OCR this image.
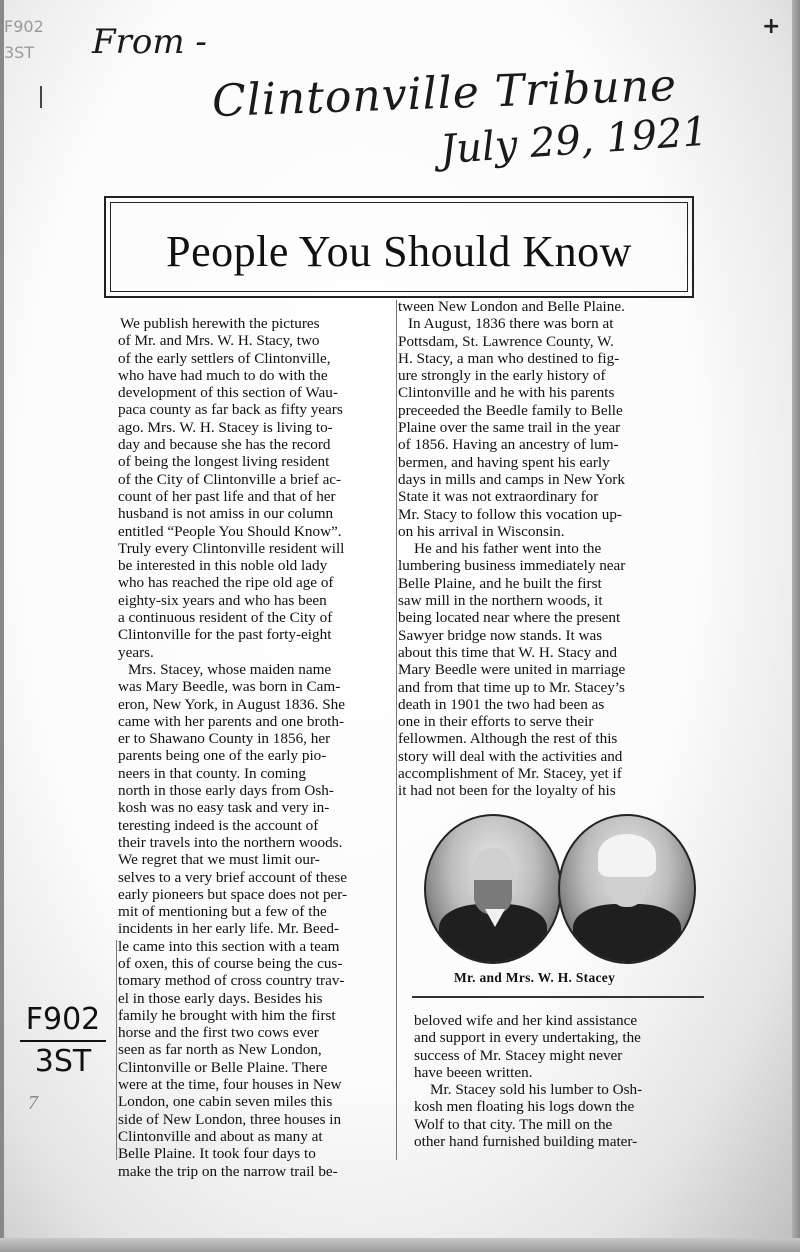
F902
3ST
+
From -
Clintonville Tribune
July 29, 1921
People You Should Know
We publish herewith the pictures
of Mr. and Mrs. W. H. Stacy, two
of the early settlers of Clintonville,
who have had much to do with the
development of this section of Wau-
paca county as far back as fifty years
ago. Mrs. W. H. Stacey is living to-
day and because she has the record
of being the longest living resident
of the City of Clintonville a brief ac-
count of her past life and that of her
husband is not amiss in our column
entitled “People You Should Know”.
Truly every Clintonville resident will
be interested in this noble old lady
who has reached the ripe old age of
eighty-six years and who has been
a continuous resident of the City of
Clintonville for the past forty-eight
years.
Mrs. Stacey, whose maiden name
was Mary Beedle, was born in Cam-
eron, New York, in August 1836. She
came with her parents and one broth-
er to Shawano County in 1856, her
parents being one of the early pio-
neers in that county. In coming
north in those early days from Osh-
kosh was no easy task and very in-
teresting indeed is the account of
their travels into the northern woods.
We regret that we must limit our-
selves to a very brief account of these
early pioneers but space does not per-
mit of mentioning but a few of the
incidents in her early life. Mr. Beed-
le came into this section with a team
of oxen, this of course being the cus-
tomary method of cross country trav-
el in those early days. Besides his
family he brought with him the first
horse and the first two cows ever
seen as far north as New London,
Clintonville or Belle Plaine. There
were at the time, four houses in New
London, one cabin seven miles this
side of New London, three houses in
Clintonville and about as many at
Belle Plaine. It took four days to
make the trip on the narrow trail be-
tween New London and Belle Plaine.
In August, 1836 there was born at
Pottsdam, St. Lawrence County, W.
H. Stacy, a man who destined to fig-
ure strongly in the early history of
Clintonville and he with his parents
preceeded the Beedle family to Belle
Plaine over the same trail in the year
of 1856. Having an ancestry of lum-
bermen, and having spent his early
days in mills and camps in New York
State it was not extraordinary for
Mr. Stacy to follow this vocation up-
on his arrival in Wisconsin.
He and his father went into the
lumbering business immediately near
Belle Plaine, and he built the first
saw mill in the northern woods, it
being located near where the present
Sawyer bridge now stands. It was
about this time that W. H. Stacy and
Mary Beedle were united in marriage
and from that time up to Mr. Stacey’s
death in 1901 the two had been as
one in their efforts to serve their
fellowmen. Although the rest of this
story will deal with the activities and
accomplishment of Mr. Stacey, yet if
it had not been for the loyalty of his
Mr. and Mrs. W. H. Stacey
beloved wife and her kind assistance
and support in every undertaking, the
success of Mr. Stacey might never
have beeen written.
Mr. Stacey sold his lumber to Osh-
kosh men floating his logs down the
Wolf to that city. The mill on the
other hand furnished building mater-
F902
3ST
7
